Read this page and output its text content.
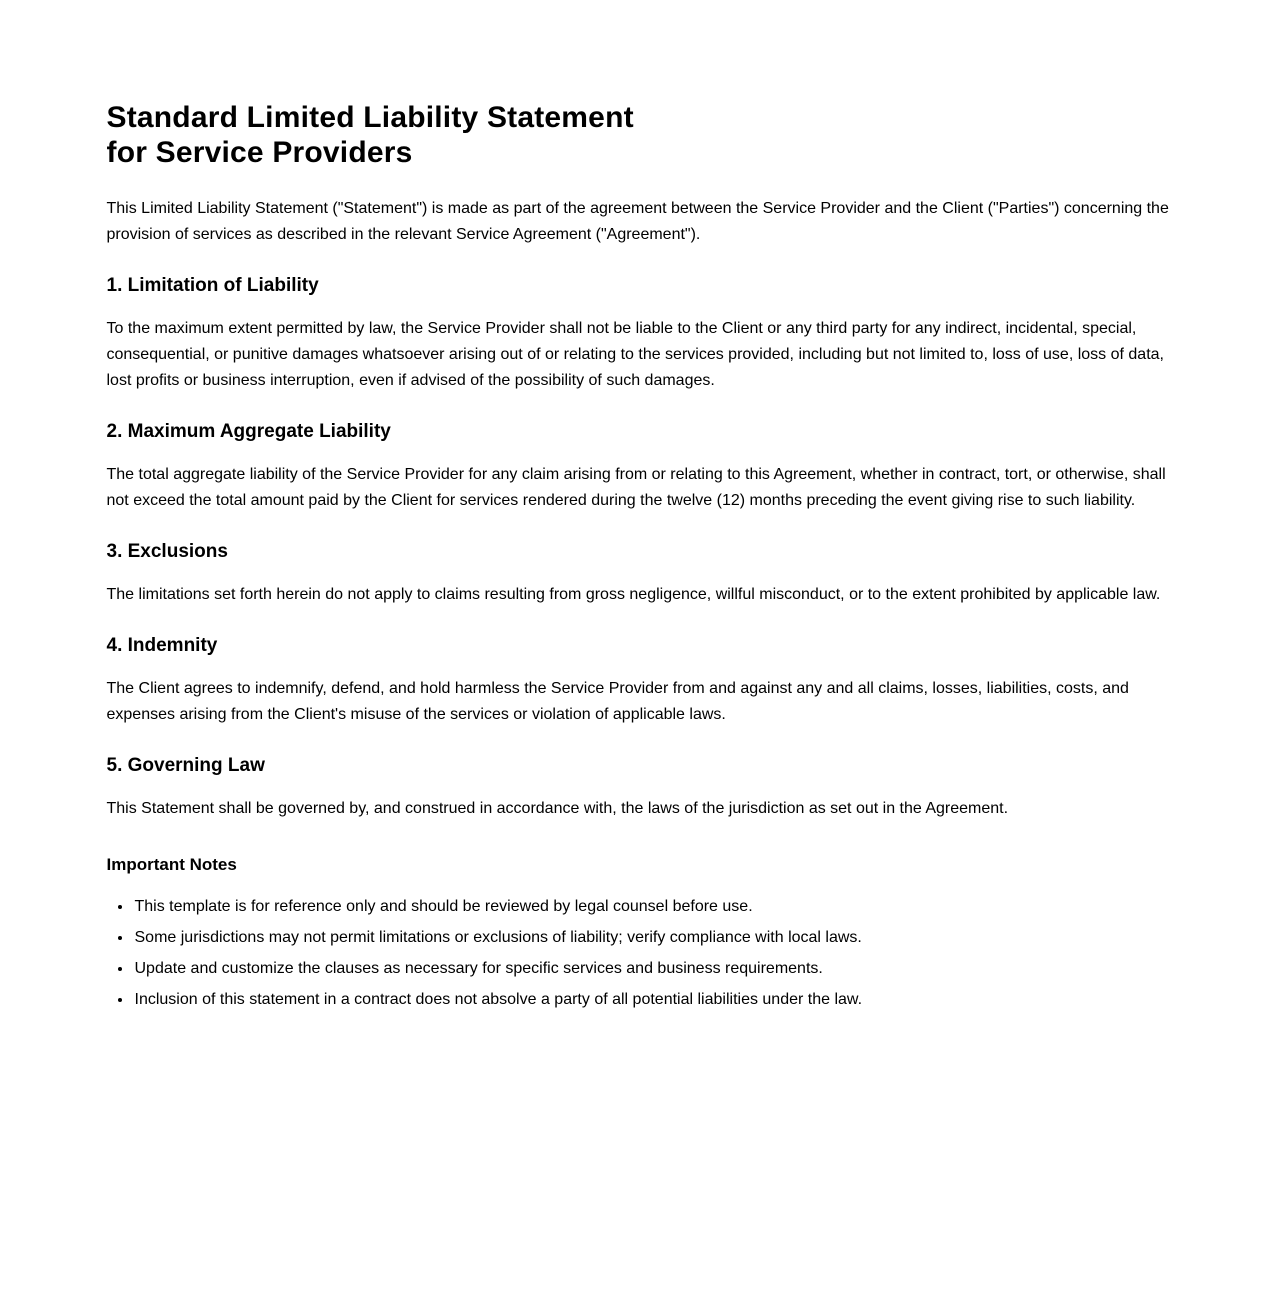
Standard Limited Liability Statement
for Service Providers

This Limited Liability Statement ("Statement") is made as part of the agreement between the Service Provider and the Client ("Parties") concerning the provision of services as described in the relevant Service Agreement ("Agreement").

1. Limitation of Liability

To the maximum extent permitted by law, the Service Provider shall not be liable to the Client or any third party for any indirect, incidental, special, consequential, or punitive damages whatsoever arising out of or relating to the services provided, including but not limited to, loss of use, loss of data, lost profits or business interruption, even if advised of the possibility of such damages.

2. Maximum Aggregate Liability

The total aggregate liability of the Service Provider for any claim arising from or relating to this Agreement, whether in contract, tort, or otherwise, shall not exceed the total amount paid by the Client for services rendered during the twelve (12) months preceding the event giving rise to such liability.

3. Exclusions

The limitations set forth herein do not apply to claims resulting from gross negligence, willful misconduct, or to the extent prohibited by applicable law.

4. Indemnity

The Client agrees to indemnify, defend, and hold harmless the Service Provider from and against any and all claims, losses, liabilities, costs, and expenses arising from the Client's misuse of the services or violation of applicable laws.

5. Governing Law

This Statement shall be governed by, and construed in accordance with, the laws of the jurisdiction as set out in the Agreement.

Important Notes
• This template is for reference only and should be reviewed by legal counsel before use.
• Some jurisdictions may not permit limitations or exclusions of liability; verify compliance with local laws.
• Update and customize the clauses as necessary for specific services and business requirements.
• Inclusion of this statement in a contract does not absolve a party of all potential liabilities under the law.
